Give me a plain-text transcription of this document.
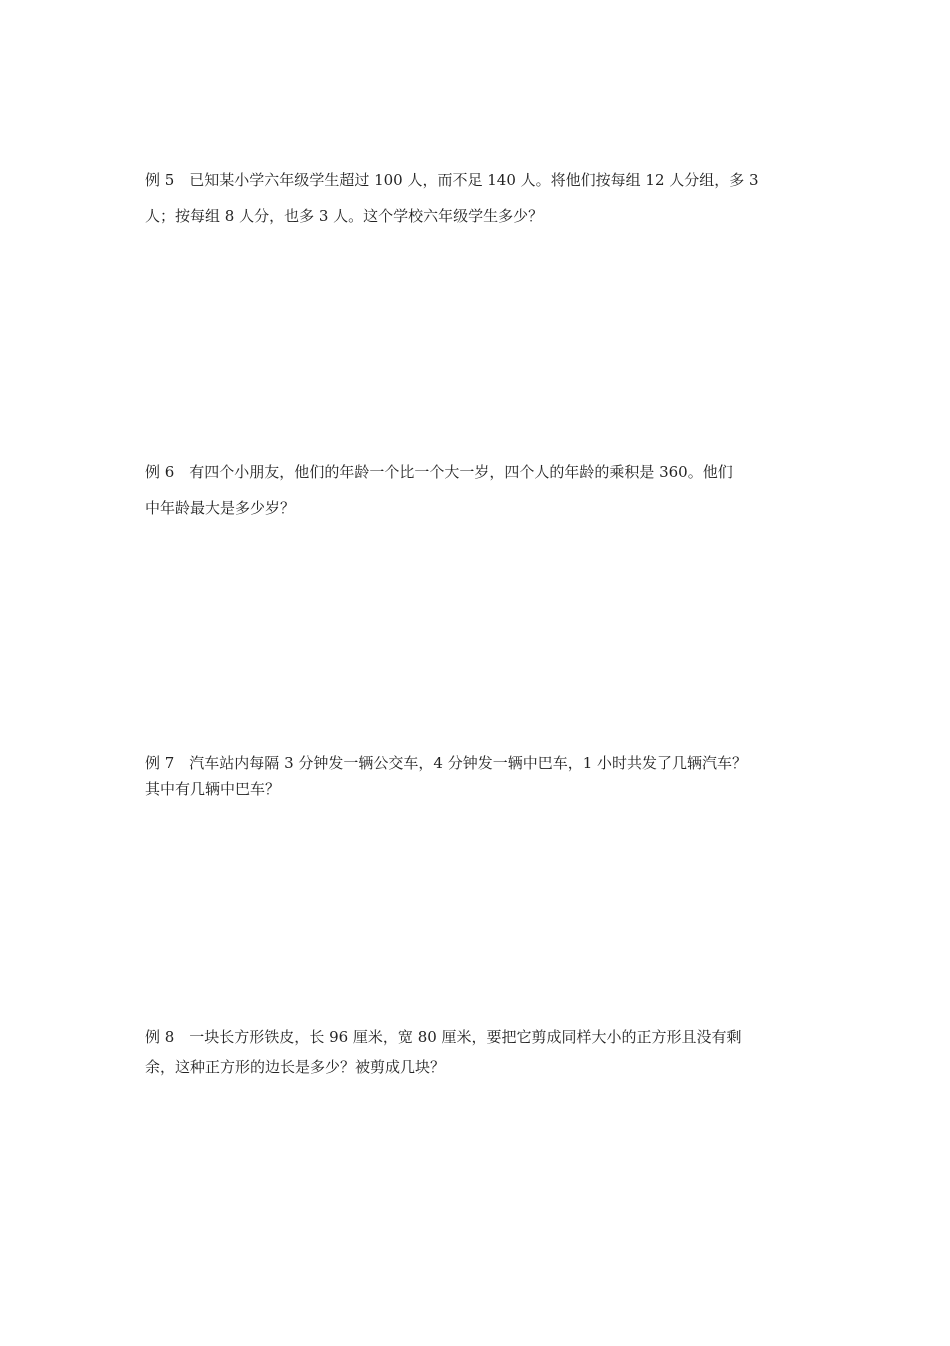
例 5　已知某小学六年级学生超过 100 人，而不足 140 人。将他们按每组 12 人分组，多 3
人；按每组 8 人分，也多 3 人。这个学校六年级学生多少？
例 6　有四个小朋友，他们的年龄一个比一个大一岁，四个人的年龄的乘积是 360。他们
中年龄最大是多少岁？
例 7　汽车站内每隔 3 分钟发一辆公交车，4 分钟发一辆中巴车，1 小时共发了几辆汽车？
其中有几辆中巴车？
例 8　一块长方形铁皮，长 96 厘米，宽 80 厘米，要把它剪成同样大小的正方形且没有剩
余，这种正方形的边长是多少？被剪成几块？
